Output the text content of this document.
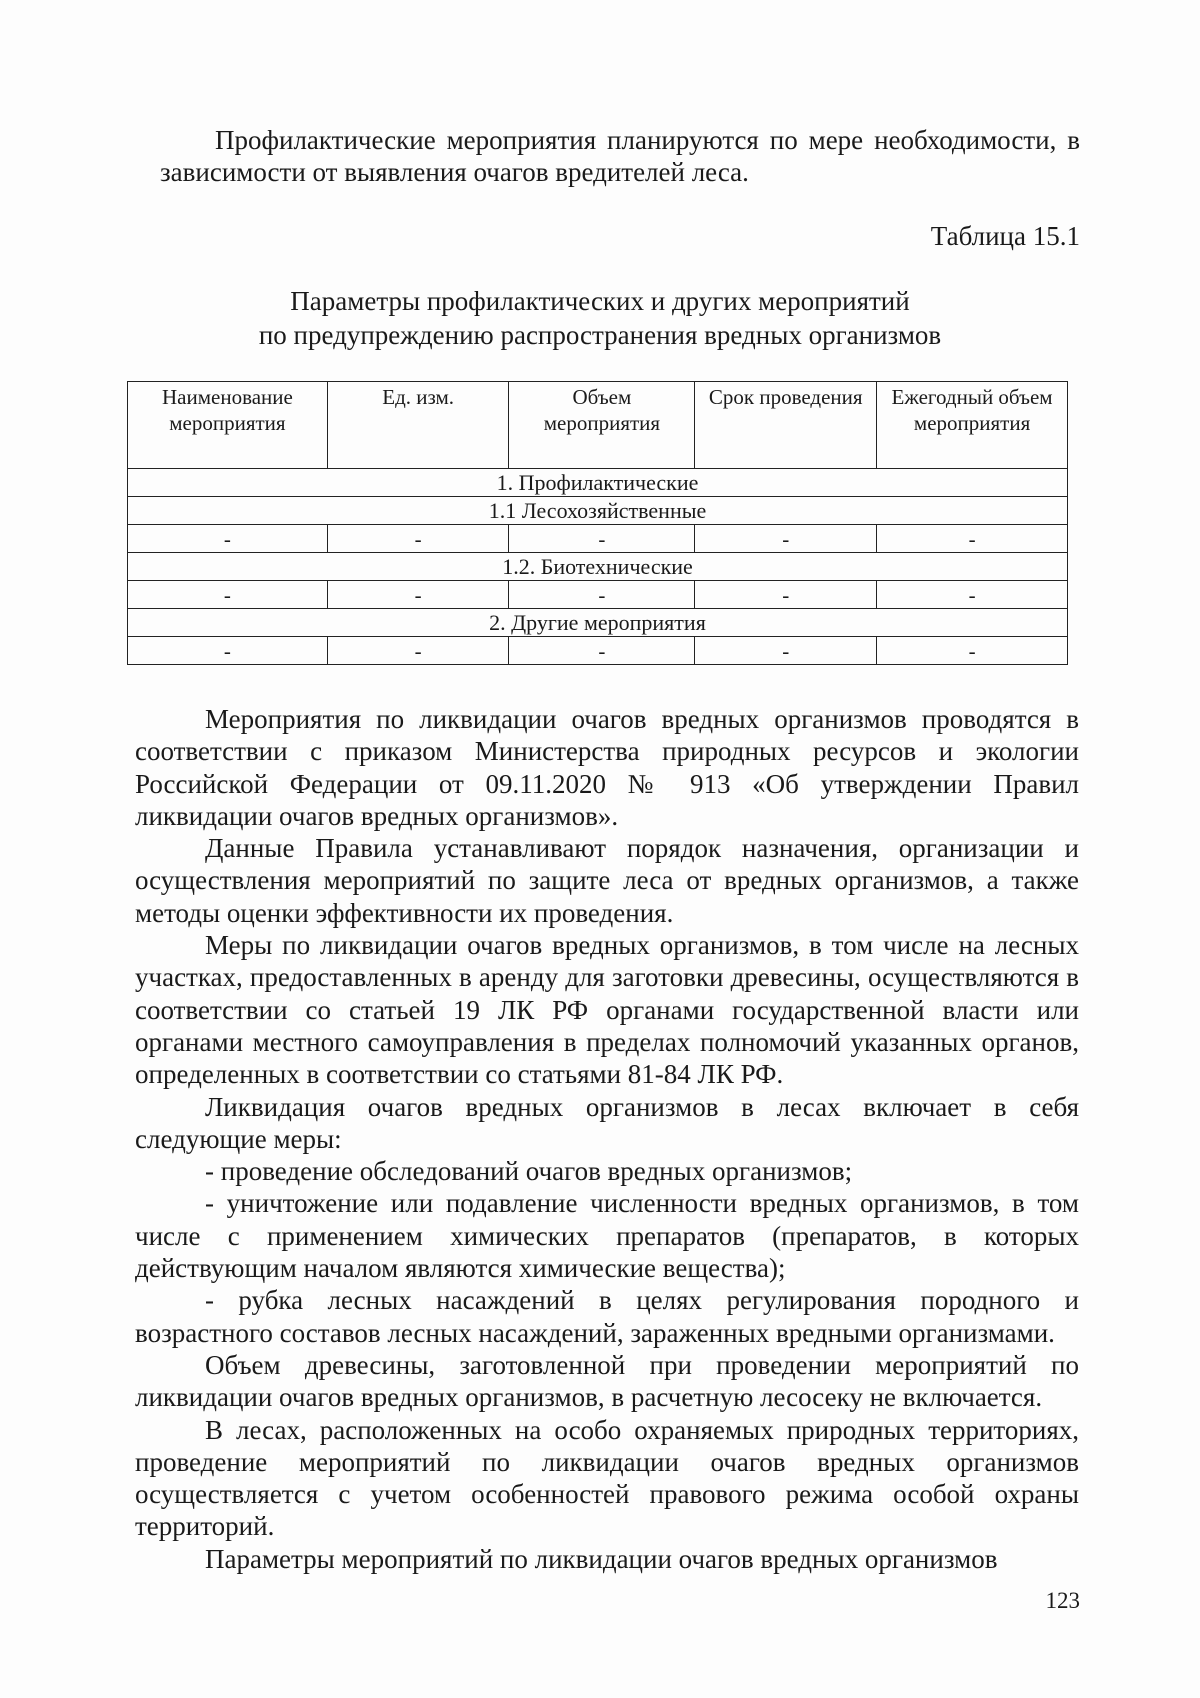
Профилактические мероприятия планируются по мере необходимости, в зависимости от выявления очагов вредителей леса.

Таблица 15.1
Параметры профилактических и других мероприятий
по предупреждению распространения вредных организмов
Наименование мероприятия	Ед. изм.	Объем мероприятия	Срок проведения	Ежегодный объем мероприятия
1. Профилактические				
1.1 Лесохозяйственные				
-	-	-	-	-
1.2. Биотехнические				
-	-	-	-	-
2. Другие мероприятия				
-	-	-	-	-

Мероприятия по ликвидации очагов вредных организмов проводятся в соответствии с приказом Министерства природных ресурсов и экологии Российской Федерации от 09.11.2020 № 913 «Об утверждении Правил ликвидации очагов вредных организмов».

Данные Правила устанавливают порядок назначения, организации и осуществления мероприятий по защите леса от вредных организмов, а также методы оценки эффективности их проведения.

Меры по ликвидации очагов вредных организмов, в том числе на лесных участках, предоставленных в аренду для заготовки древесины, осуществляются в соответствии со статьей 19 ЛК РФ органами государственной власти или органами местного самоуправления в пределах полномочий указанных органов, определенных в соответствии со статьями 81-84 ЛК РФ.

Ликвидация очагов вредных организмов в лесах включает в себя следующие меры:

- проведение обследований очагов вредных организмов;

- уничтожение или подавление численности вредных организмов, в том числе с применением химических препаратов (препаратов, в которых действующим началом являются химические вещества);

- рубка лесных насаждений в целях регулирования породного и возрастного составов лесных насаждений, зараженных вредными организмами.

Объем древесины, заготовленной при проведении мероприятий по ликвидации очагов вредных организмов, в расчетную лесосеку не включается.

В лесах, расположенных на особо охраняемых природных территориях, проведение мероприятий по ликвидации очагов вредных организмов осуществляется с учетом особенностей правового режима особой охраны территорий.

Параметры мероприятий по ликвидации очагов вредных организмов

123
